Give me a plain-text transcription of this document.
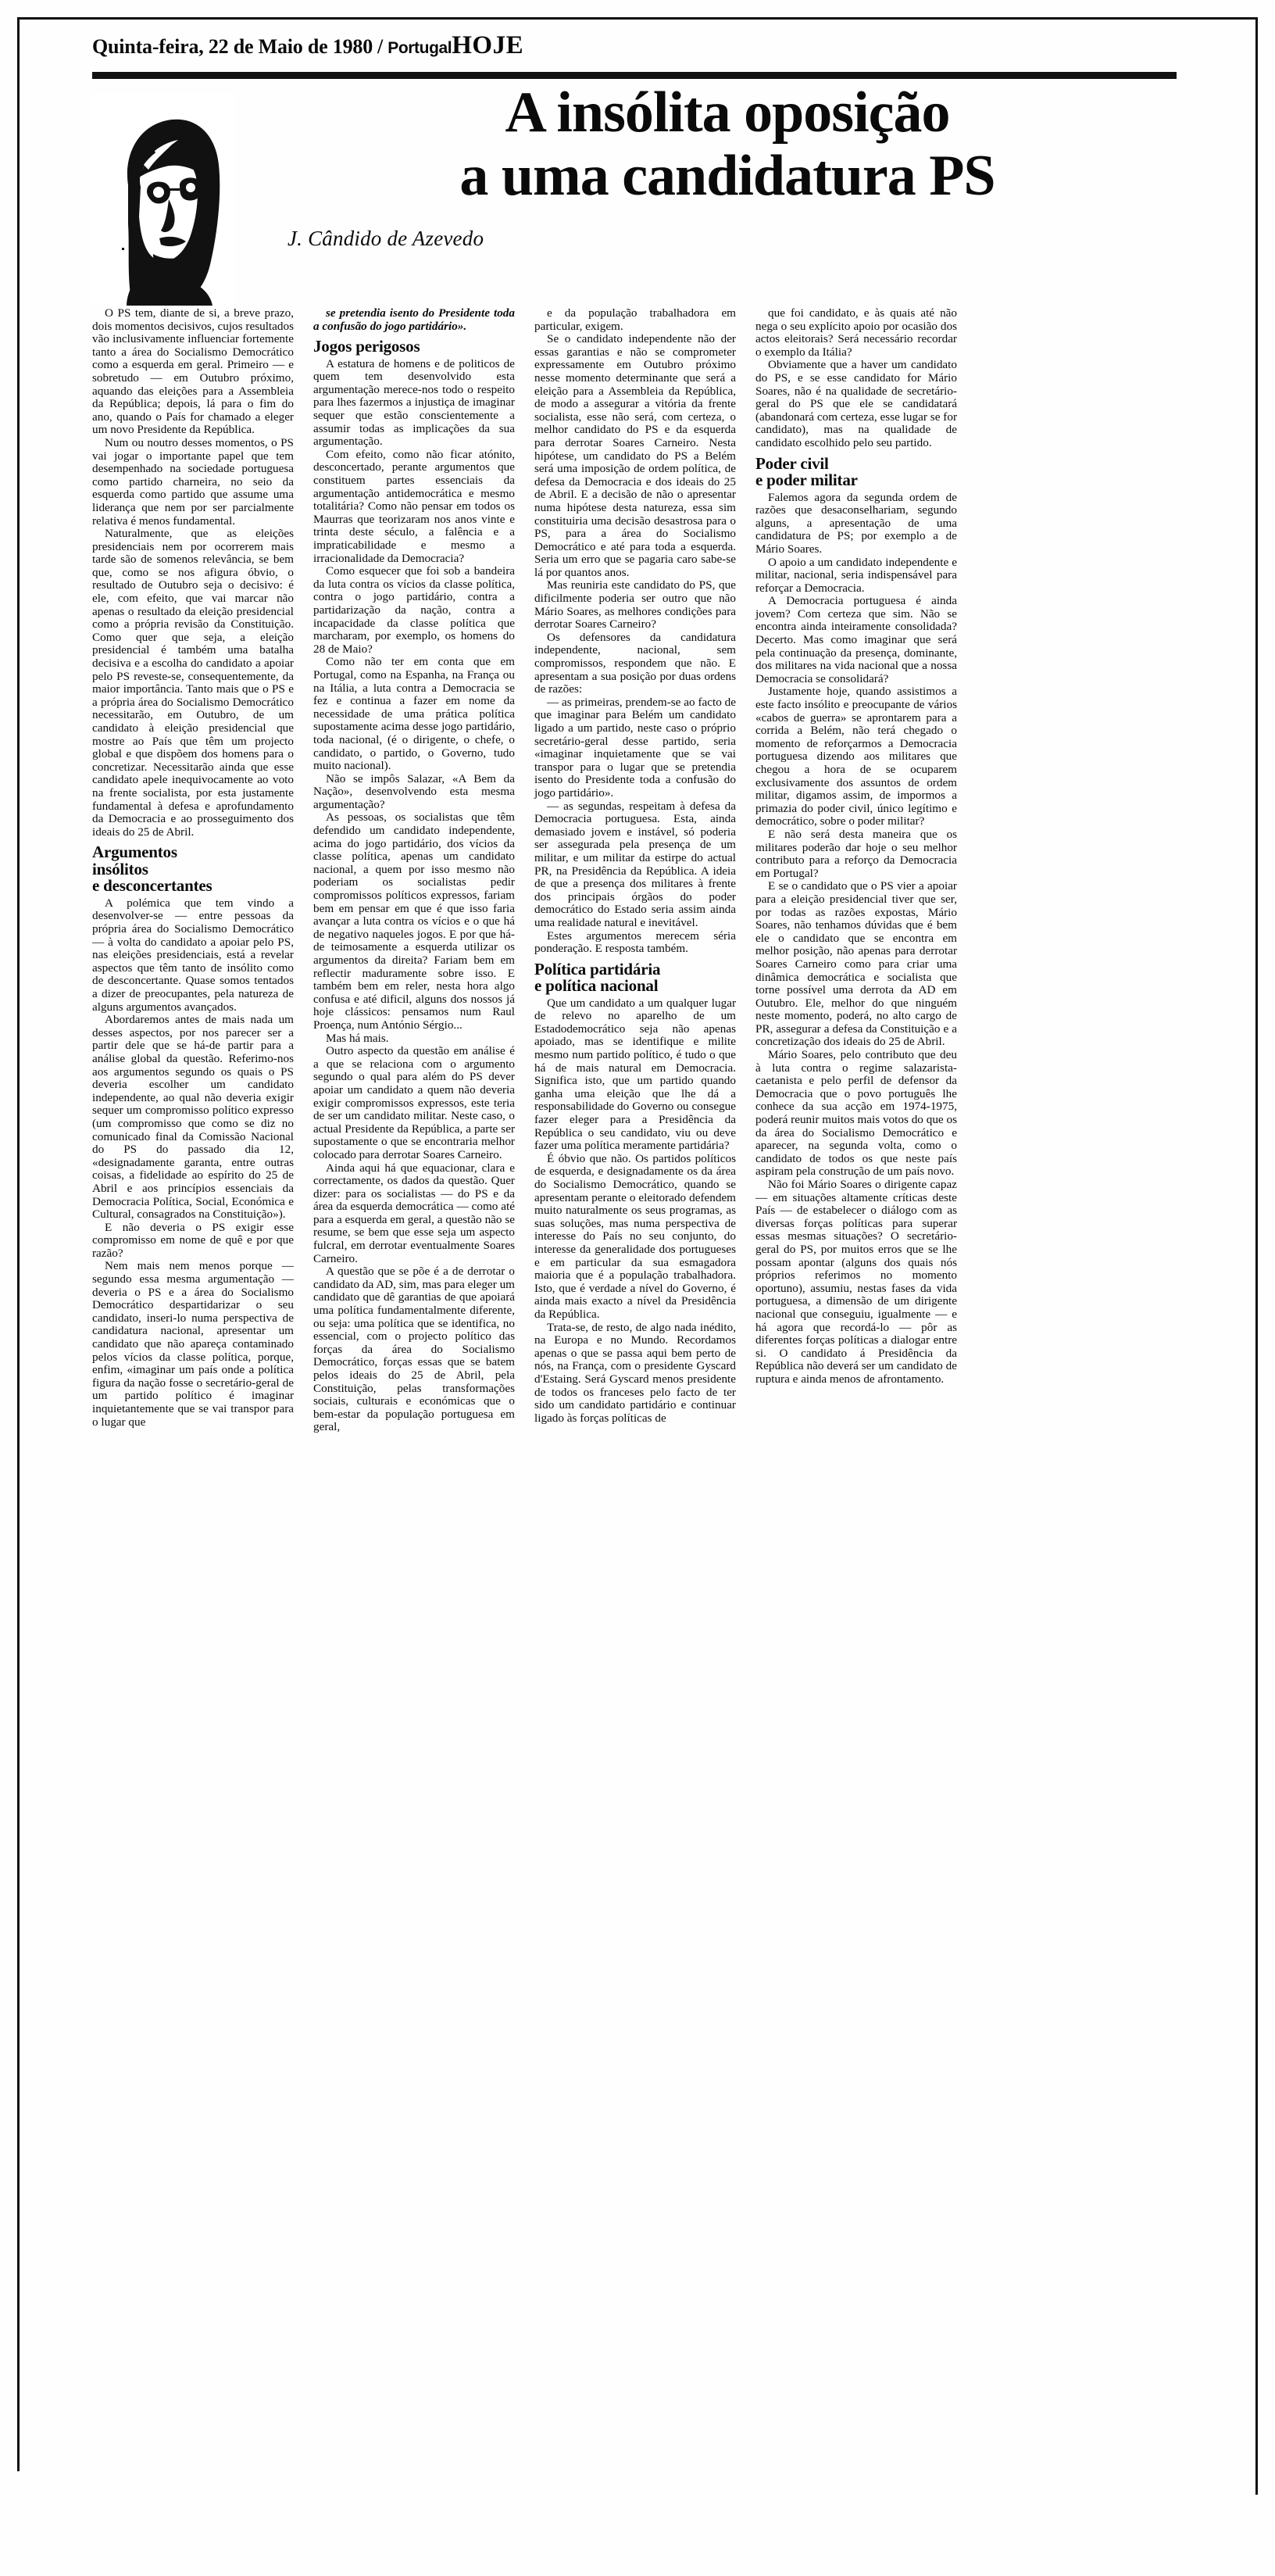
Quinta-feira, 22 de Maio de 1980 / PortugalHOJE
A insólita oposição
a uma candidatura PS
J. Cândido de Azevedo

O PS tem, diante de si, a breve prazo, dois momentos decisivos, cujos resultados vão inclusivamente influenciar fortemente tanto a área do Socialismo Democrático como a esquerda em geral. Primeiro — e sobretudo — em Outubro próximo, aquando das eleições para a Assembleia da República; depois, lá para o fim do ano, quando o País for chamado a eleger um novo Presidente da República.

Num ou noutro desses momentos, o PS vai jogar o importante papel que tem desempenhado na sociedade portuguesa como partido charneira, no seio da esquerda como partido que assume uma liderança que nem por ser parcialmente relativa é menos fundamental.

Naturalmente, que as eleições presidenciais nem por ocorrerem mais tarde são de somenos relevância, se bem que, como se nos afigura óbvio, o resultado de Outubro seja o decisivo: é ele, com efeito, que vai marcar não apenas o resultado da eleição presidencial como a própria revisão da Constituição. Como quer que seja, a eleição presidencial é também uma batalha decisiva e a escolha do candidato a apoiar pelo PS reveste-se, consequentemente, da maior importância. Tanto mais que o PS e a própria área do Socialismo Democrático necessitarão, em Outubro, de um candidato à eleição presidencial que mostre ao País que têm um projecto global e que dispõem dos homens para o concretizar. Necessitarão ainda que esse candidato apele inequivocamente ao voto na frente socialista, por esta justamente fundamental à defesa e aprofundamento da Democracia e ao prosseguimento dos ideais do 25 de Abril.

Argumentos
insólitos
e desconcertantes

A polémica que tem vindo a desenvolver-se — entre pessoas da própria área do Socialismo Democrático — à volta do candidato a apoiar pelo PS, nas eleições presidenciais, está a revelar aspectos que têm tanto de insólito como de desconcertante. Quase somos tentados a dizer de preocupantes, pela natureza de alguns argumentos avançados.

Abordaremos antes de mais nada um desses aspectos, por nos parecer ser a partir dele que se há-de partir para a análise global da questão. Referimo-nos aos argumentos segundo os quais o PS deveria escolher um candidato independente, ao qual não deveria exigir sequer um compromisso político expresso (um compromisso que como se diz no comunicado final da Comissão Nacional do PS do passado dia 12, «designadamente garanta, entre outras coisas, a fidelidade ao espírito do 25 de Abril e aos princípios essenciais da Democracia Política, Social, Económica e Cultural, consagrados na Constituição»).

E não deveria o PS exigir esse compromisso em nome de quê e por que razão?

Nem mais nem menos porque — segundo essa mesma argumentação — deveria o PS e a área do Socialismo Democrático despartidarizar o seu candidato, inseri-lo numa perspectiva de candidatura nacional, apresentar um candidato que não apareça contaminado pelos vícios da classe política, porque, enfim, «imaginar um país onde a política figura da nação fosse o secretário-geral de um partido político é imaginar inquietantemente que se vai transpor para o lugar que

se pretendia isento do Presidente toda a confusão do jogo partidário».

Jogos perigosos

A estatura de homens e de politicos de quem tem desenvolvido esta argumentação merece-nos todo o respeito para lhes fazermos a injustiça de imaginar sequer que estão conscientemente a assumir todas as implicações da sua argumentação.

Com efeito, como não ficar atónito, desconcertado, perante argumentos que constituem partes essenciais da argumentação antidemocrática e mesmo totalitária? Como não pensar em todos os Maurras que teorizaram nos anos vinte e trinta deste século, a falência e a impraticabilidade e mesmo a irracionalidade da Democracia?

Como esquecer que foi sob a bandeira da luta contra os vícios da classe política, contra o jogo partidário, contra a partidarização da nação, contra a incapacidade da classe política que marcharam, por exemplo, os homens do 28 de Maio?

Como não ter em conta que em Portugal, como na Espanha, na França ou na Itália, a luta contra a Democracia se fez e continua a fazer em nome da necessidade de uma prática política supostamente acima desse jogo partidário, toda nacional, (é o dirigente, o chefe, o candidato, o partido, o Governo, tudo muito nacional).

Não se impôs Salazar, «A Bem da Nação», desenvolvendo esta mesma argumentação?

As pessoas, os socialistas que têm defendido um candidato independente, acima do jogo partidário, dos vícios da classe política, apenas um candidato nacional, a quem por isso mesmo não poderiam os socialistas pedir compromissos políticos expressos, fariam bem em pensar em que é que isso faria avançar a luta contra os vícios e o que há de negativo naqueles jogos. E por que há-de teimosamente a esquerda utilizar os argumentos da direita? Fariam bem em reflectir maduramente sobre isso. E também bem em reler, nesta hora algo confusa e até dificil, alguns dos nossos já hoje clássicos: pensamos num Raul Proença, num António Sérgio...

Mas há mais.

Outro aspecto da questão em análise é a que se relaciona com o argumento segundo o qual para além do PS dever apoiar um candidato a quem não deveria exigir compromissos expressos, este teria de ser um candidato militar. Neste caso, o actual Presidente da República, a parte ser supostamente o que se encontraria melhor colocado para derrotar Soares Carneiro.

Ainda aqui há que equacionar, clara e correctamente, os dados da questão. Quer dizer: para os socialistas — do PS e da área da esquerda democrática — como até para a esquerda em geral, a questão não se resume, se bem que esse seja um aspecto fulcral, em derrotar eventualmente Soares Carneiro.

A questão que se põe é a de derrotar o candidato da AD, sim, mas para eleger um candidato que dê garantias de que apoiará uma política fundamentalmente diferente, ou seja: uma política que se identifica, no essencial, com o projecto político das forças da área do Socialismo Democrático, forças essas que se batem pelos ideais do 25 de Abril, pela Constituição, pelas transformações sociais, culturais e económicas que o bem-estar da população portuguesa em geral,

e da população trabalhadora em particular, exigem.

Se o candidato independente não der essas garantias e não se comprometer expressamente em Outubro próximo nesse momento determinante que será a eleição para a Assembleia da República, de modo a assegurar a vitória da frente socialista, esse não será, com certeza, o melhor candidato do PS e da esquerda para derrotar Soares Carneiro. Nesta hipótese, um candidato do PS a Belém será uma imposição de ordem política, de defesa da Democracia e dos ideais do 25 de Abril. E a decisão de não o apresentar numa hipótese desta natureza, essa sim constituiria uma decisão desastrosa para o PS, para a área do Socialismo Democrático e até para toda a esquerda. Seria um erro que se pagaria caro sabe-se lá por quantos anos.

Mas reuniria este candidato do PS, que dificilmente poderia ser outro que não Mário Soares, as melhores condições para derrotar Soares Carneiro?

Os defensores da candidatura independente, nacional, sem compromissos, respondem que não. E apresentam a sua posição por duas ordens de razões:

— as primeiras, prendem-se ao facto de que imaginar para Belém um candidato ligado a um partido, neste caso o próprio secretário-geral desse partido, seria «imaginar inquietamente que se vai transpor para o lugar que se pretendia isento do Presidente toda a confusão do jogo partidário».

— as segundas, respeitam à defesa da Democracia portuguesa. Esta, ainda demasiado jovem e instável, só poderia ser assegurada pela presença de um militar, e um militar da estirpe do actual PR, na Presidência da República. A ideia de que a presença dos militares à frente dos principais órgãos do poder democrático do Estado seria assim ainda uma realidade natural e inevitável.

Estes argumentos merecem séria ponderação. E resposta também.

Política partidária
e política nacional

Que um candidato a um qualquer lugar de relevo no aparelho de um Estadodemocrático seja não apenas apoiado, mas se identifique e milite mesmo num partido político, é tudo o que há de mais natural em Democracia. Significa isto, que um partido quando ganha uma eleição que lhe dá a responsabilidade do Governo ou consegue fazer eleger para a Presidência da República o seu candidato, viu ou deve fazer uma política meramente partidária?

É óbvio que não. Os partidos políticos de esquerda, e designadamente os da área do Socialismo Democrático, quando se apresentam perante o eleitorado defendem muito naturalmente os seus programas, as suas soluções, mas numa perspectiva de interesse do País no seu conjunto, do interesse da generalidade dos portugueses e em particular da sua esmagadora maioria que é a população trabalhadora. Isto, que é verdade a nível do Governo, é ainda mais exacto a nível da Presidência da República.

Trata-se, de resto, de algo nada inédito, na Europa e no Mundo. Recordamos apenas o que se passa aqui bem perto de nós, na França, com o presidente Gyscard d'Estaing. Será Gyscard menos presidente de todos os franceses pelo facto de ter sido um candidato partidário e continuar ligado às forças políticas de

que foi candidato, e às quais até não nega o seu explícito apoio por ocasião dos actos eleitorais? Será necessário recordar o exemplo da Itália?

Obviamente que a haver um candidato do PS, e se esse candidato for Mário Soares, não é na qualidade de secretário-geral do PS que ele se candidatará (abandonará com certeza, esse lugar se for candidato), mas na qualidade de candidato escolhido pelo seu partido.

Poder civil
e poder militar

Falemos agora da segunda ordem de razões que desaconselhariam, segundo alguns, a apresentação de uma candidatura de PS; por exemplo a de Mário Soares.

O apoio a um candidato independente e militar, nacional, seria indispensável para reforçar a Democracia.

A Democracia portuguesa é ainda jovem? Com certeza que sim. Não se encontra ainda inteiramente consolidada? Decerto. Mas como imaginar que será pela continuação da presença, dominante, dos militares na vida nacional que a nossa Democracia se consolidará?

Justamente hoje, quando assistimos a este facto insólito e preocupante de vários «cabos de guerra» se aprontarem para a corrida a Belém, não terá chegado o momento de reforçarmos a Democracia portuguesa dizendo aos militares que chegou a hora de se ocuparem exclusivamente dos assuntos de ordem militar, digamos assim, de impormos a primazia do poder civil, único legítimo e democrático, sobre o poder militar?

E não será desta maneira que os militares poderão dar hoje o seu melhor contributo para a reforço da Democracia em Portugal?

E se o candidato que o PS vier a apoiar para a eleição presidencial tiver que ser, por todas as razões expostas, Mário Soares, não tenhamos dúvidas que é bem ele o candidato que se encontra em melhor posição, não apenas para derrotar Soares Carneiro como para criar uma dinâmica democrática e socialista que torne possível uma derrota da AD em Outubro. Ele, melhor do que ninguém neste momento, poderá, no alto cargo de PR, assegurar a defesa da Constituição e a concretização dos ideais do 25 de Abril.

Mário Soares, pelo contributo que deu à luta contra o regime salazarista-caetanista e pelo perfil de defensor da Democracia que o povo português lhe conhece da sua acção em 1974-1975, poderá reunir muitos mais votos do que os da área do Socialismo Democrático e aparecer, na segunda volta, como o candidato de todos os que neste país aspiram pela construção de um país novo.

Não foi Mário Soares o dirigente capaz — em situações altamente críticas deste País — de estabelecer o diálogo com as diversas forças políticas para superar essas mesmas situações? O secretário-geral do PS, por muitos erros que se lhe possam apontar (alguns dos quais nós próprios referimos no momento oportuno), assumiu, nestas fases da vida portuguesa, a dimensão de um dirigente nacional que conseguiu, igualmente — e há agora que recordá-lo — pôr as diferentes forças políticas a dialogar entre si. O candidato á Presidência da República não deverá ser um candidato de ruptura e ainda menos de afrontamento.
